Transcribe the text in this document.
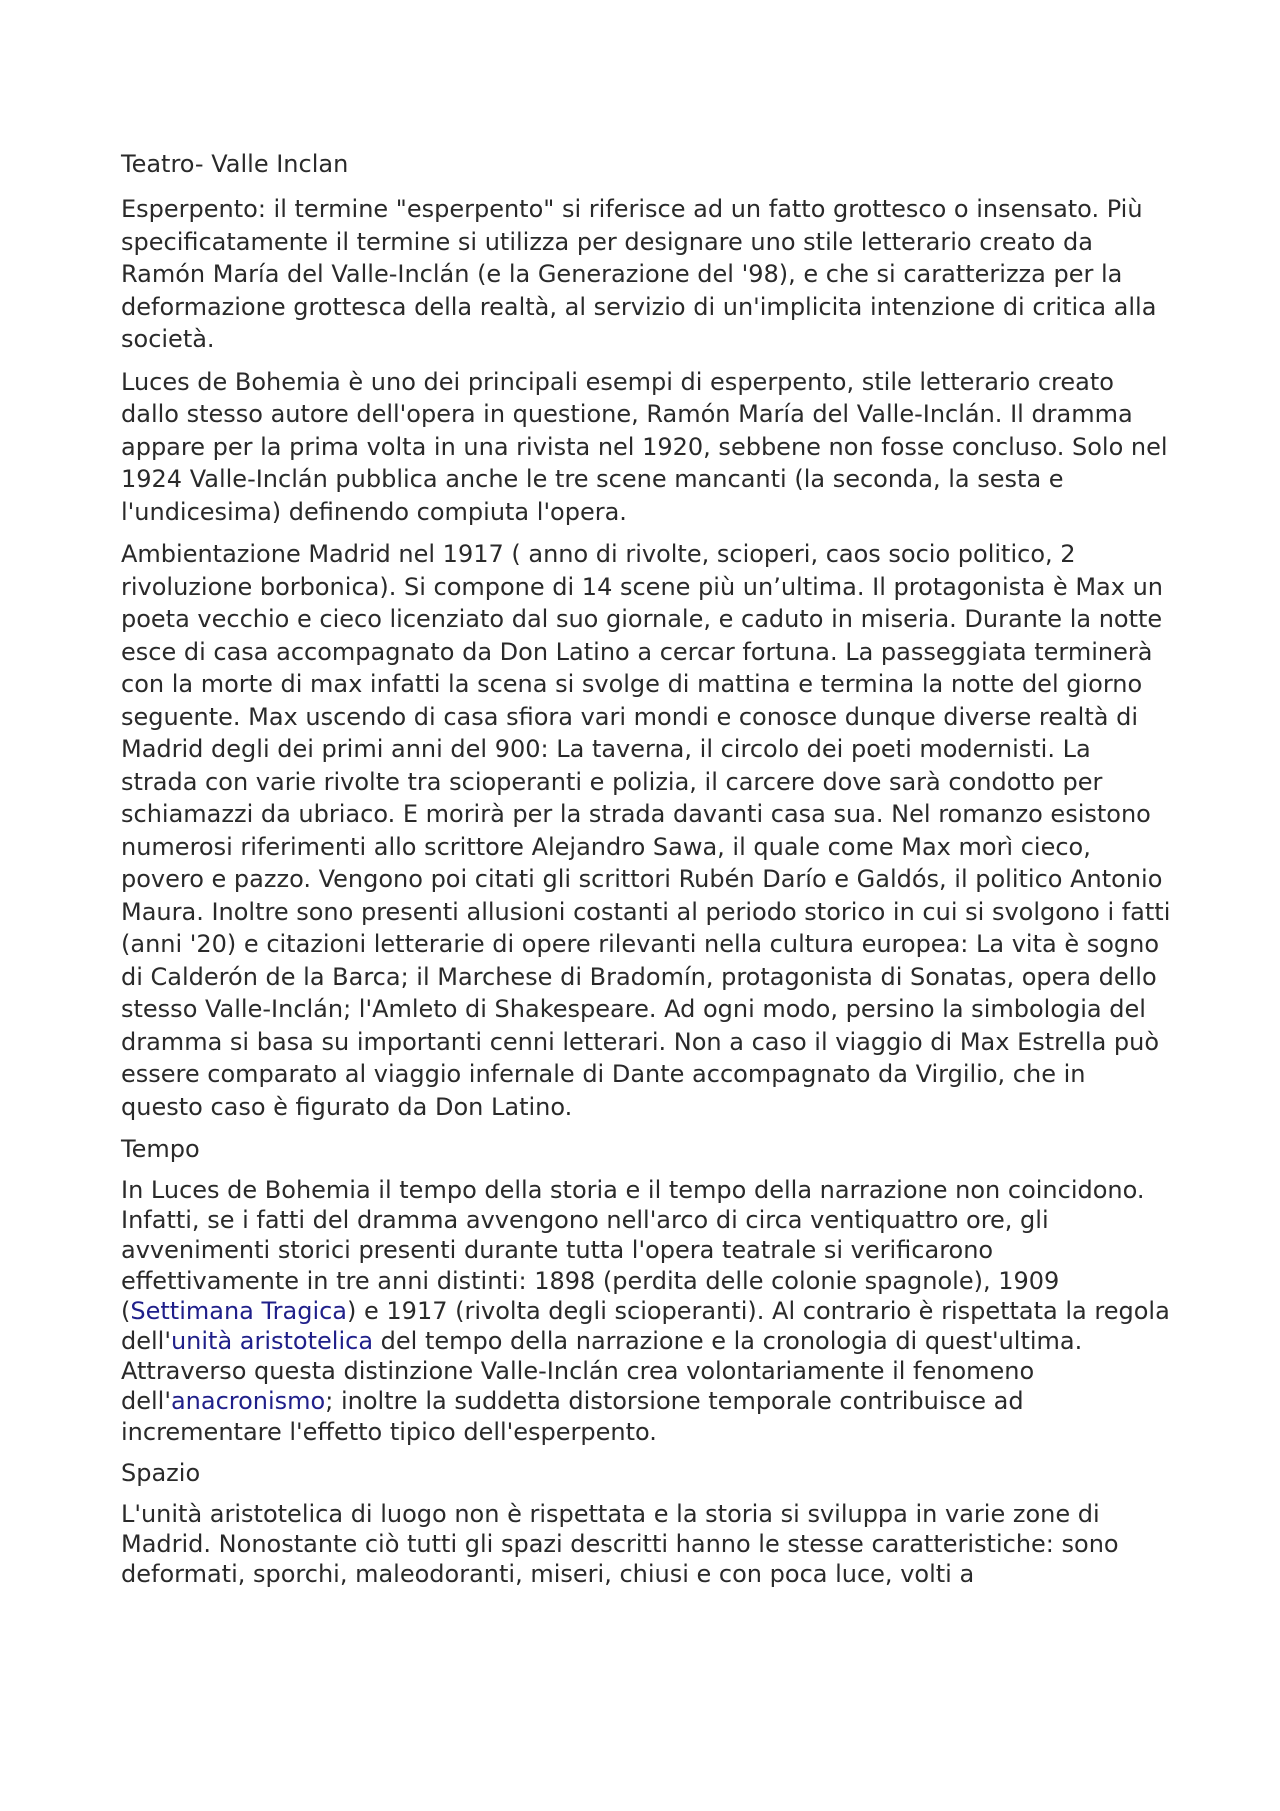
Teatro- Valle Inclan

Esperpento: il termine "esperpento" si riferisce ad un fatto grottesco o insensato. Più specificatamente il termine si utilizza per designare uno stile letterario creato da Ramón María del Valle-Inclán (e la Generazione del '98), e che si caratterizza per la deformazione grottesca della realtà, al servizio di un'implicita intenzione di critica alla società.

Luces de Bohemia è uno dei principali esempi di esperpento, stile letterario creato dallo stesso autore dell'opera in questione, Ramón María del Valle-Inclán. Il dramma appare per la prima volta in una rivista nel 1920, sebbene non fosse concluso. Solo nel 1924 Valle-Inclán pubblica anche le tre scene mancanti (la seconda, la sesta e l'undicesima) definendo compiuta l'opera.

Ambientazione Madrid nel 1917 ( anno di rivolte, scioperi, caos socio politico, 2 rivoluzione borbonica). Si compone di 14 scene più un’ultima. Il protagonista è Max un poeta vecchio e cieco licenziato dal suo giornale, e caduto in miseria. Durante la notte esce di casa accompagnato da Don Latino a cercar fortuna. La passeggiata terminerà con la morte di max infatti la scena si svolge di mattina e termina la notte del giorno seguente. Max uscendo di casa sfiora vari mondi e conosce dunque diverse realtà di Madrid degli dei primi anni del 900: La taverna, il circolo dei poeti modernisti. La strada con varie rivolte tra scioperanti e polizia, il carcere dove sarà condotto per schiamazzi da ubriaco. E morirà per la strada davanti casa sua. Nel romanzo esistono numerosi riferimenti allo scrittore Alejandro Sawa, il quale come Max morì cieco, povero e pazzo. Vengono poi citati gli scrittori Rubén Darío e Galdós, il politico Antonio Maura. Inoltre sono presenti allusioni costanti al periodo storico in cui si svolgono i fatti (anni '20) e citazioni letterarie di opere rilevanti nella cultura europea: La vita è sogno di Calderón de la Barca; il Marchese di Bradomín, protagonista di Sonatas, opera dello stesso Valle-Inclán; l'Amleto di Shakespeare. Ad ogni modo, persino la simbologia del dramma si basa su importanti cenni letterari. Non a caso il viaggio di Max Estrella può essere comparato al viaggio infernale di Dante accompagnato da Virgilio, che in questo caso è figurato da Don Latino.

Tempo

In Luces de Bohemia il tempo della storia e il tempo della narrazione non coincidono. Infatti, se i fatti del dramma avvengono nell'arco di circa ventiquattro ore, gli avvenimenti storici presenti durante tutta l'opera teatrale si verificarono effettivamente in tre anni distinti: 1898 (perdita delle colonie spagnole), 1909 (Settimana Tragica) e 1917 (rivolta degli scioperanti). Al contrario è rispettata la regola dell'unità aristotelica del tempo della narrazione e la cronologia di quest'ultima. Attraverso questa distinzione Valle-Inclán crea volontariamente il fenomeno dell'anacronismo; inoltre la suddetta distorsione temporale contribuisce ad incrementare l'effetto tipico dell'esperpento.

Spazio

L'unità aristotelica di luogo non è rispettata e la storia si sviluppa in varie zone di Madrid. Nonostante ciò tutti gli spazi descritti hanno le stesse caratteristiche: sono deformati, sporchi, maleodoranti, miseri, chiusi e con poca luce, volti a
